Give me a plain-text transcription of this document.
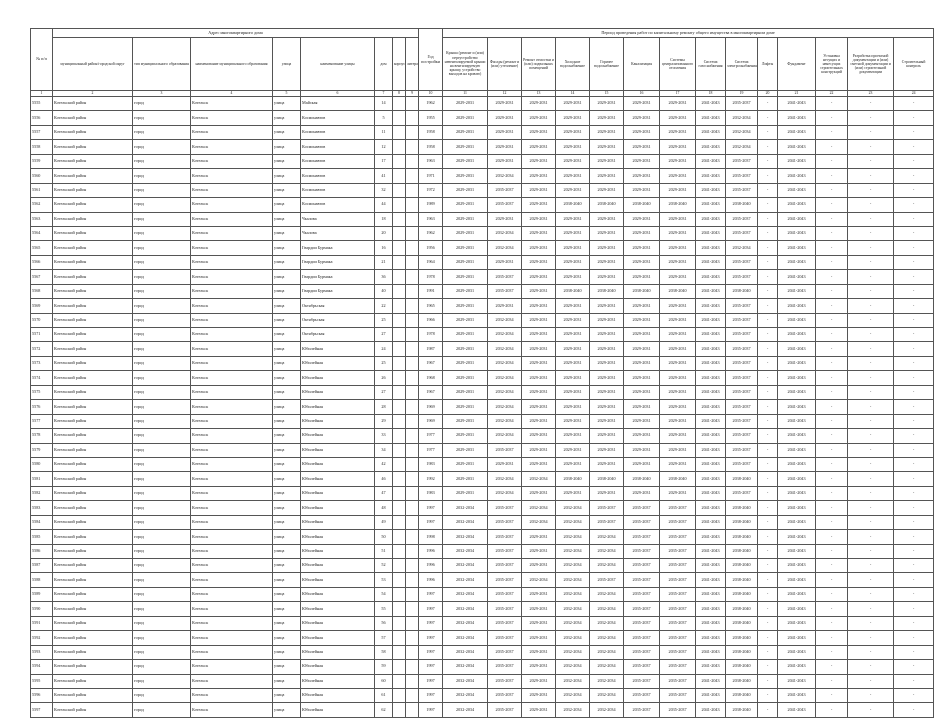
№ п/п	Адрес многоквартирного дома								Год постройки	Период проведения работ по капитальному ремонту общего имущества в многоквартирном доме													
	муниципальный район/городской округ	тип муниципального образования	наименование муниципального образования	улица	наименование улицы	дом	корпус	литера		Крыша (ремонт и (или) переустройство невентилируемой крыши на вентилируемую крышу, устройство выходов на кровлю)	Фасады (ремонт и (или) утепление)	Ремонт отмостки и (или) подвальных помещений	Холодное водоснабжение	Горячее водоснабжение	Канализация	Системы централизованного отопления	Система газоснабжения	Система электроснабжения	Лифты	Фундамент	Установка несущих и ненесущих строительных конструкций	Разработка проектной документации и (или) сметной документации и (или) строительной документации	Строительный контроль
1	2	3	4	5	6	7	8	9	10	11	12	13	14	15	16	17	18	19	20	21	22	23	24
5555	Котельский район	город	Котельск	улица	Майская	14			1962	2029-2031	2029-2031	2029-2031	2029-2031	2029-2031	2029-2031	2029-2031	2041-2043	2035-2037	-	2041-2043	-	-	-
5556	Котельский район	город	Котельск	улица	Космонавтов	5			1955	2029-2031	2029-2031	2029-2031	2029-2031	2029-2031	2029-2031	2029-2031	2041-2043	2032-2034	-	2041-2043	-	-	-
5557	Котельский район	город	Котельск	улица	Космонавтов	11			1958	2029-2031	2029-2031	2029-2031	2029-2031	2029-2031	2029-2031	2029-2031	2041-2043	2032-2034	-	2041-2043	-	-	-
5558	Котельский район	город	Котельск	улица	Космонавтов	12			1958	2029-2031	2029-2031	2029-2031	2029-2031	2029-2031	2029-2031	2029-2031	2041-2043	2032-2034	-	2041-2043	-	-	-
5559	Котельский район	город	Котельск	улица	Космонавтов	17			1963	2029-2031	2029-2031	2029-2031	2029-2031	2029-2031	2029-2031	2029-2031	2041-2043	2035-2037	-	2041-2043	-	-	-
5560	Котельский район	город	Котельск	улица	Космонавтов	41			1971	2029-2031	2032-2034	2029-2031	2029-2031	2029-2031	2029-2031	2029-2031	2041-2043	2035-2037	-	2041-2043	-	-	-
5561	Котельский район	город	Котельск	улица	Космонавтов	32			1972	2029-2031	2035-2037	2029-2031	2029-2031	2029-2031	2029-2031	2029-2031	2041-2043	2035-2037	-	2041-2043	-	-	-
5562	Котельский район	город	Котельск	улица	Космонавтов	44			1989	2029-2031	2035-2037	2029-2031	2038-2040	2038-2040	2038-2040	2038-2040	2041-2043	2038-2040	-	2041-2043	-	-	-
5563	Котельский район	город	Котельск	улица	Чкалова	18			1963	2029-2031	2029-2031	2029-2031	2029-2031	2029-2031	2029-2031	2029-2031	2041-2043	2035-2037	-	2041-2043	-	-	-
5564	Котельский район	город	Котельск	улица	Чкалова	20			1962	2029-2031	2032-2034	2029-2031	2029-2031	2029-2031	2029-2031	2029-2031	2041-2043	2035-2037	-	2041-2043	-	-	-
5565	Котельский район	город	Котельск	улица	Гвардии Бурмака	16			1956	2029-2031	2032-2034	2029-2031	2029-2031	2029-2031	2029-2031	2029-2031	2041-2043	2032-2034	-	2041-2043	-	-	-
5566	Котельский район	город	Котельск	улица	Гвардии Бурмака	21			1964	2029-2031	2029-2031	2029-2031	2029-2031	2029-2031	2029-2031	2029-2031	2041-2043	2035-2037	-	2041-2043	-	-	-
5567	Котельский район	город	Котельск	улица	Гвардии Бурмака	36			1978	2029-2031	2035-2037	2029-2031	2029-2031	2029-2031	2029-2031	2029-2031	2041-2043	2035-2037	-	2041-2043	-	-	-
5568	Котельский район	город	Котельск	улица	Гвардии Бурмака	40			1991	2029-2031	2035-2037	2029-2031	2038-2040	2038-2040	2038-2040	2038-2040	2041-2043	2038-2040	-	2041-2043	-	-	-
5569	Котельский район	город	Котельск	улица	Октябрьская	22			1965	2029-2031	2029-2031	2029-2031	2029-2031	2029-2031	2029-2031	2029-2031	2041-2043	2035-2037	-	2041-2043	-	-	-
5570	Котельский район	город	Котельск	улица	Октябрьская	25			1966	2029-2031	2032-2034	2029-2031	2029-2031	2029-2031	2029-2031	2029-2031	2041-2043	2035-2037	-	2041-2043	-	-	-
5571	Котельский район	город	Котельск	улица	Октябрьская	27			1978	2029-2031	2032-2034	2029-2031	2029-2031	2029-2031	2029-2031	2029-2031	2041-2043	2035-2037	-	2041-2043	-	-	-
5572	Котельский район	город	Котельск	улица	Юбилейная	24			1987	2029-2031	2032-2034	2029-2031	2029-2031	2029-2031	2029-2031	2029-2031	2041-2043	2035-2037	-	2041-2043	-	-	-
5573	Котельский район	город	Котельск	улица	Юбилейная	25			1967	2029-2031	2032-2034	2029-2031	2029-2031	2029-2031	2029-2031	2029-2031	2041-2043	2035-2037	-	2041-2043	-	-	-
5574	Котельский район	город	Котельск	улица	Юбилейная	26			1968	2029-2031	2032-2034	2029-2031	2029-2031	2029-2031	2029-2031	2029-2031	2041-2043	2035-2037	-	2041-2043	-	-	-
5575	Котельский район	город	Котельск	улица	Юбилейная	27			1967	2029-2031	2032-2034	2029-2031	2029-2031	2029-2031	2029-2031	2029-2031	2041-2043	2035-2037	-	2041-2043	-	-	-
5576	Котельский район	город	Котельск	улица	Юбилейная	28			1969	2029-2031	2032-2034	2029-2031	2029-2031	2029-2031	2029-2031	2029-2031	2041-2043	2035-2037	-	2041-2043	-	-	-
5577	Котельский район	город	Котельск	улица	Юбилейная	29			1969	2029-2031	2032-2034	2029-2031	2029-2031	2029-2031	2029-2031	2029-2031	2041-2043	2035-2037	-	2041-2043	-	-	-
5578	Котельский район	город	Котельск	улица	Юбилейная	33			1977	2029-2031	2032-2034	2029-2031	2029-2031	2029-2031	2029-2031	2029-2031	2041-2043	2035-2037	-	2041-2043	-	-	-
5579	Котельский район	город	Котельск	улица	Юбилейная	34			1977	2029-2031	2035-2037	2029-2031	2029-2031	2029-2031	2029-2031	2029-2031	2041-2043	2035-2037	-	2041-2043	-	-	-
5580	Котельский район	город	Котельск	улица	Юбилейная	42			1983	2029-2031	2029-2031	2029-2031	2029-2031	2029-2031	2029-2031	2029-2031	2041-2043	2035-2037	-	2041-2043	-	-	-
5581	Котельский район	город	Котельск	улица	Юбилейная	46			1992	2029-2031	2032-2034	2032-2034	2038-2040	2038-2040	2038-2040	2038-2040	2041-2043	2038-2040	-	2041-2043	-	-	-
5582	Котельский район	город	Котельск	улица	Юбилейная	47			1983	2029-2031	2032-2034	2029-2031	2029-2031	2029-2031	2029-2031	2029-2031	2041-2043	2035-2037	-	2041-2043	-	-	-
5583	Котельский район	город	Котельск	улица	Юбилейная	48			1997	2032-2034	2035-2037	2032-2034	2032-2034	2035-2037	2035-2037	2035-2037	2041-2043	2038-2040	-	2041-2043	-	-	-
5584	Котельский район	город	Котельск	улица	Юбилейная	49			1997	2032-2034	2035-2037	2032-2034	2032-2034	2035-2037	2035-2037	2035-2037	2041-2043	2038-2040	-	2041-2043	-	-	-
5585	Котельский район	город	Котельск	улица	Юбилейная	50			1998	2032-2034	2035-2037	2029-2031	2032-2034	2032-2034	2035-2037	2035-2037	2041-2043	2038-2040	-	2041-2043	-	-	-
5586	Котельский район	город	Котельск	улица	Юбилейная	51			1996	2032-2034	2035-2037	2029-2031	2032-2034	2032-2034	2035-2037	2035-2037	2041-2043	2038-2040	-	2041-2043	-	-	-
5587	Котельский район	город	Котельск	улица	Юбилейная	52			1996	2032-2034	2035-2037	2029-2031	2032-2034	2032-2034	2035-2037	2035-2037	2041-2043	2038-2040	-	2041-2043	-	-	-
5588	Котельский район	город	Котельск	улица	Юбилейная	53			1996	2032-2034	2035-2037	2032-2034	2032-2034	2035-2037	2035-2037	2035-2037	2041-2043	2038-2040	-	2041-2043	-	-	-
5589	Котельский район	город	Котельск	улица	Юбилейная	54			1997	2032-2034	2035-2037	2029-2031	2032-2034	2032-2034	2035-2037	2035-2037	2041-2043	2038-2040	-	2041-2043	-	-	-
5590	Котельский район	город	Котельск	улица	Юбилейная	55			1997	2032-2034	2035-2037	2029-2031	2032-2034	2032-2034	2035-2037	2035-2037	2041-2043	2038-2040	-	2041-2043	-	-	-
5591	Котельский район	город	Котельск	улица	Юбилейная	56			1997	2032-2034	2035-2037	2029-2031	2032-2034	2032-2034	2035-2037	2035-2037	2041-2043	2038-2040	-	2041-2043	-	-	-
5592	Котельский район	город	Котельск	улица	Юбилейная	57			1997	2032-2034	2035-2037	2029-2031	2032-2034	2032-2034	2035-2037	2035-2037	2041-2043	2038-2040	-	2041-2043	-	-	-
5593	Котельский район	город	Котельск	улица	Юбилейная	58			1997	2032-2034	2035-2037	2029-2031	2032-2034	2032-2034	2035-2037	2035-2037	2041-2043	2038-2040	-	2041-2043	-	-	-
5594	Котельский район	город	Котельск	улица	Юбилейная	59			1997	2032-2034	2035-2037	2029-2031	2032-2034	2032-2034	2035-2037	2035-2037	2041-2043	2038-2040	-	2041-2043	-	-	-
5595	Котельский район	город	Котельск	улица	Юбилейная	60			1997	2032-2034	2035-2037	2029-2031	2032-2034	2032-2034	2035-2037	2035-2037	2041-2043	2038-2040	-	2041-2043	-	-	-
5596	Котельский район	город	Котельск	улица	Юбилейная	61			1997	2032-2034	2035-2037	2029-2031	2032-2034	2032-2034	2035-2037	2035-2037	2041-2043	2038-2040	-	2041-2043	-	-	-
5597	Котельский район	город	Котельск	улица	Юбилейная	62			1997	2032-2034	2035-2037	2029-2031	2032-2034	2032-2034	2035-2037	2035-2037	2041-2043	2038-2040	-	2041-2043	-	-	-
